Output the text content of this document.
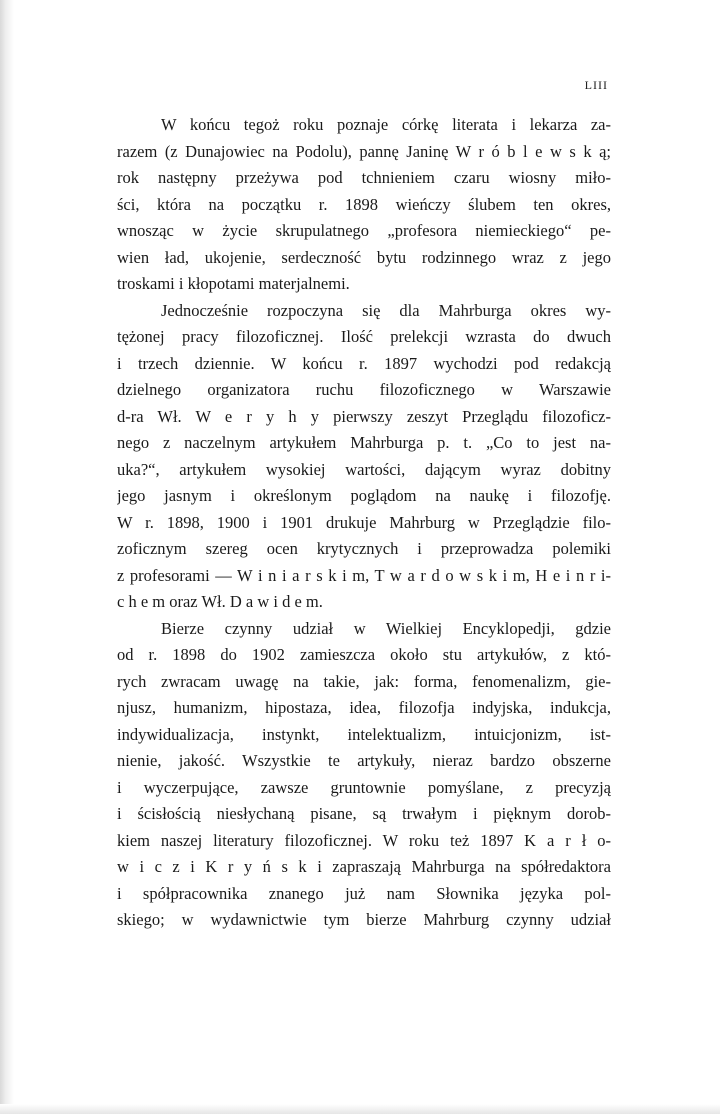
LIII
W końcu tegoż roku poznaje córkę literata i lekarza za-
razem (z Dunajowiec na Podolu), pannę Janinę W r ó b l e w s k ą;
rok następny przeżywa pod tchnieniem czaru wiosny miło-
ści, która na początku r. 1898 wieńczy ślubem ten okres,
wnosząc w życie skrupulatnego „profesora niemieckiego“ pe-
wien ład, ukojenie, serdeczność bytu rodzinnego wraz z jego
troskami i kłopotami materjalnemi.
Jednocześnie rozpoczyna się dla Mahrburga okres wy-
tężonej pracy filozoficznej. Ilość prelekcji wzrasta do dwuch
i trzech dziennie. W końcu r. 1897 wychodzi pod redakcją
dzielnego organizatora ruchu filozoficznego w Warszawie
d-ra Wł. W e r y h y pierwszy zeszyt Przeglądu filozoficz-
nego z naczelnym artykułem Mahrburga p. t. „Co to jest na-
uka?“, artykułem wysokiej wartości, dającym wyraz dobitny
jego jasnym i określonym poglądom na naukę i filozofję.
W r. 1898, 1900 i 1901 drukuje Mahrburg w Przeglądzie filo-
zoficznym szereg ocen krytycznych i przeprowadza polemiki
z profesorami — W i n i a r s k i m, T w a r d o w s k i m, H e i n r i-
c h e m oraz Wł. D a w i d e m.
Bierze czynny udział w Wielkiej Encyklopedji, gdzie
od r. 1898 do 1902 zamieszcza około stu artykułów, z któ-
rych zwracam uwagę na takie, jak: forma, fenomenalizm, gie-
njusz, humanizm, hipostaza, idea, filozofja indyjska, indukcja,
indywidualizacja, instynkt, intelektualizm, intuicjonizm, ist-
nienie, jakość. Wszystkie te artykuły, nieraz bardzo obszerne
i wyczerpujące, zawsze gruntownie pomyślane, z precyzją
i ścisłością niesłychaną pisane, są trwałym i pięknym dorob-
kiem naszej literatury filozoficznej. W roku też 1897 K a r ł o-
w i c z i K r y ń s k i zapraszają Mahrburga na spółredaktora
i spółpracownika znanego już nam Słownika języka pol-
skiego; w wydawnictwie tym bierze Mahrburg czynny udział
